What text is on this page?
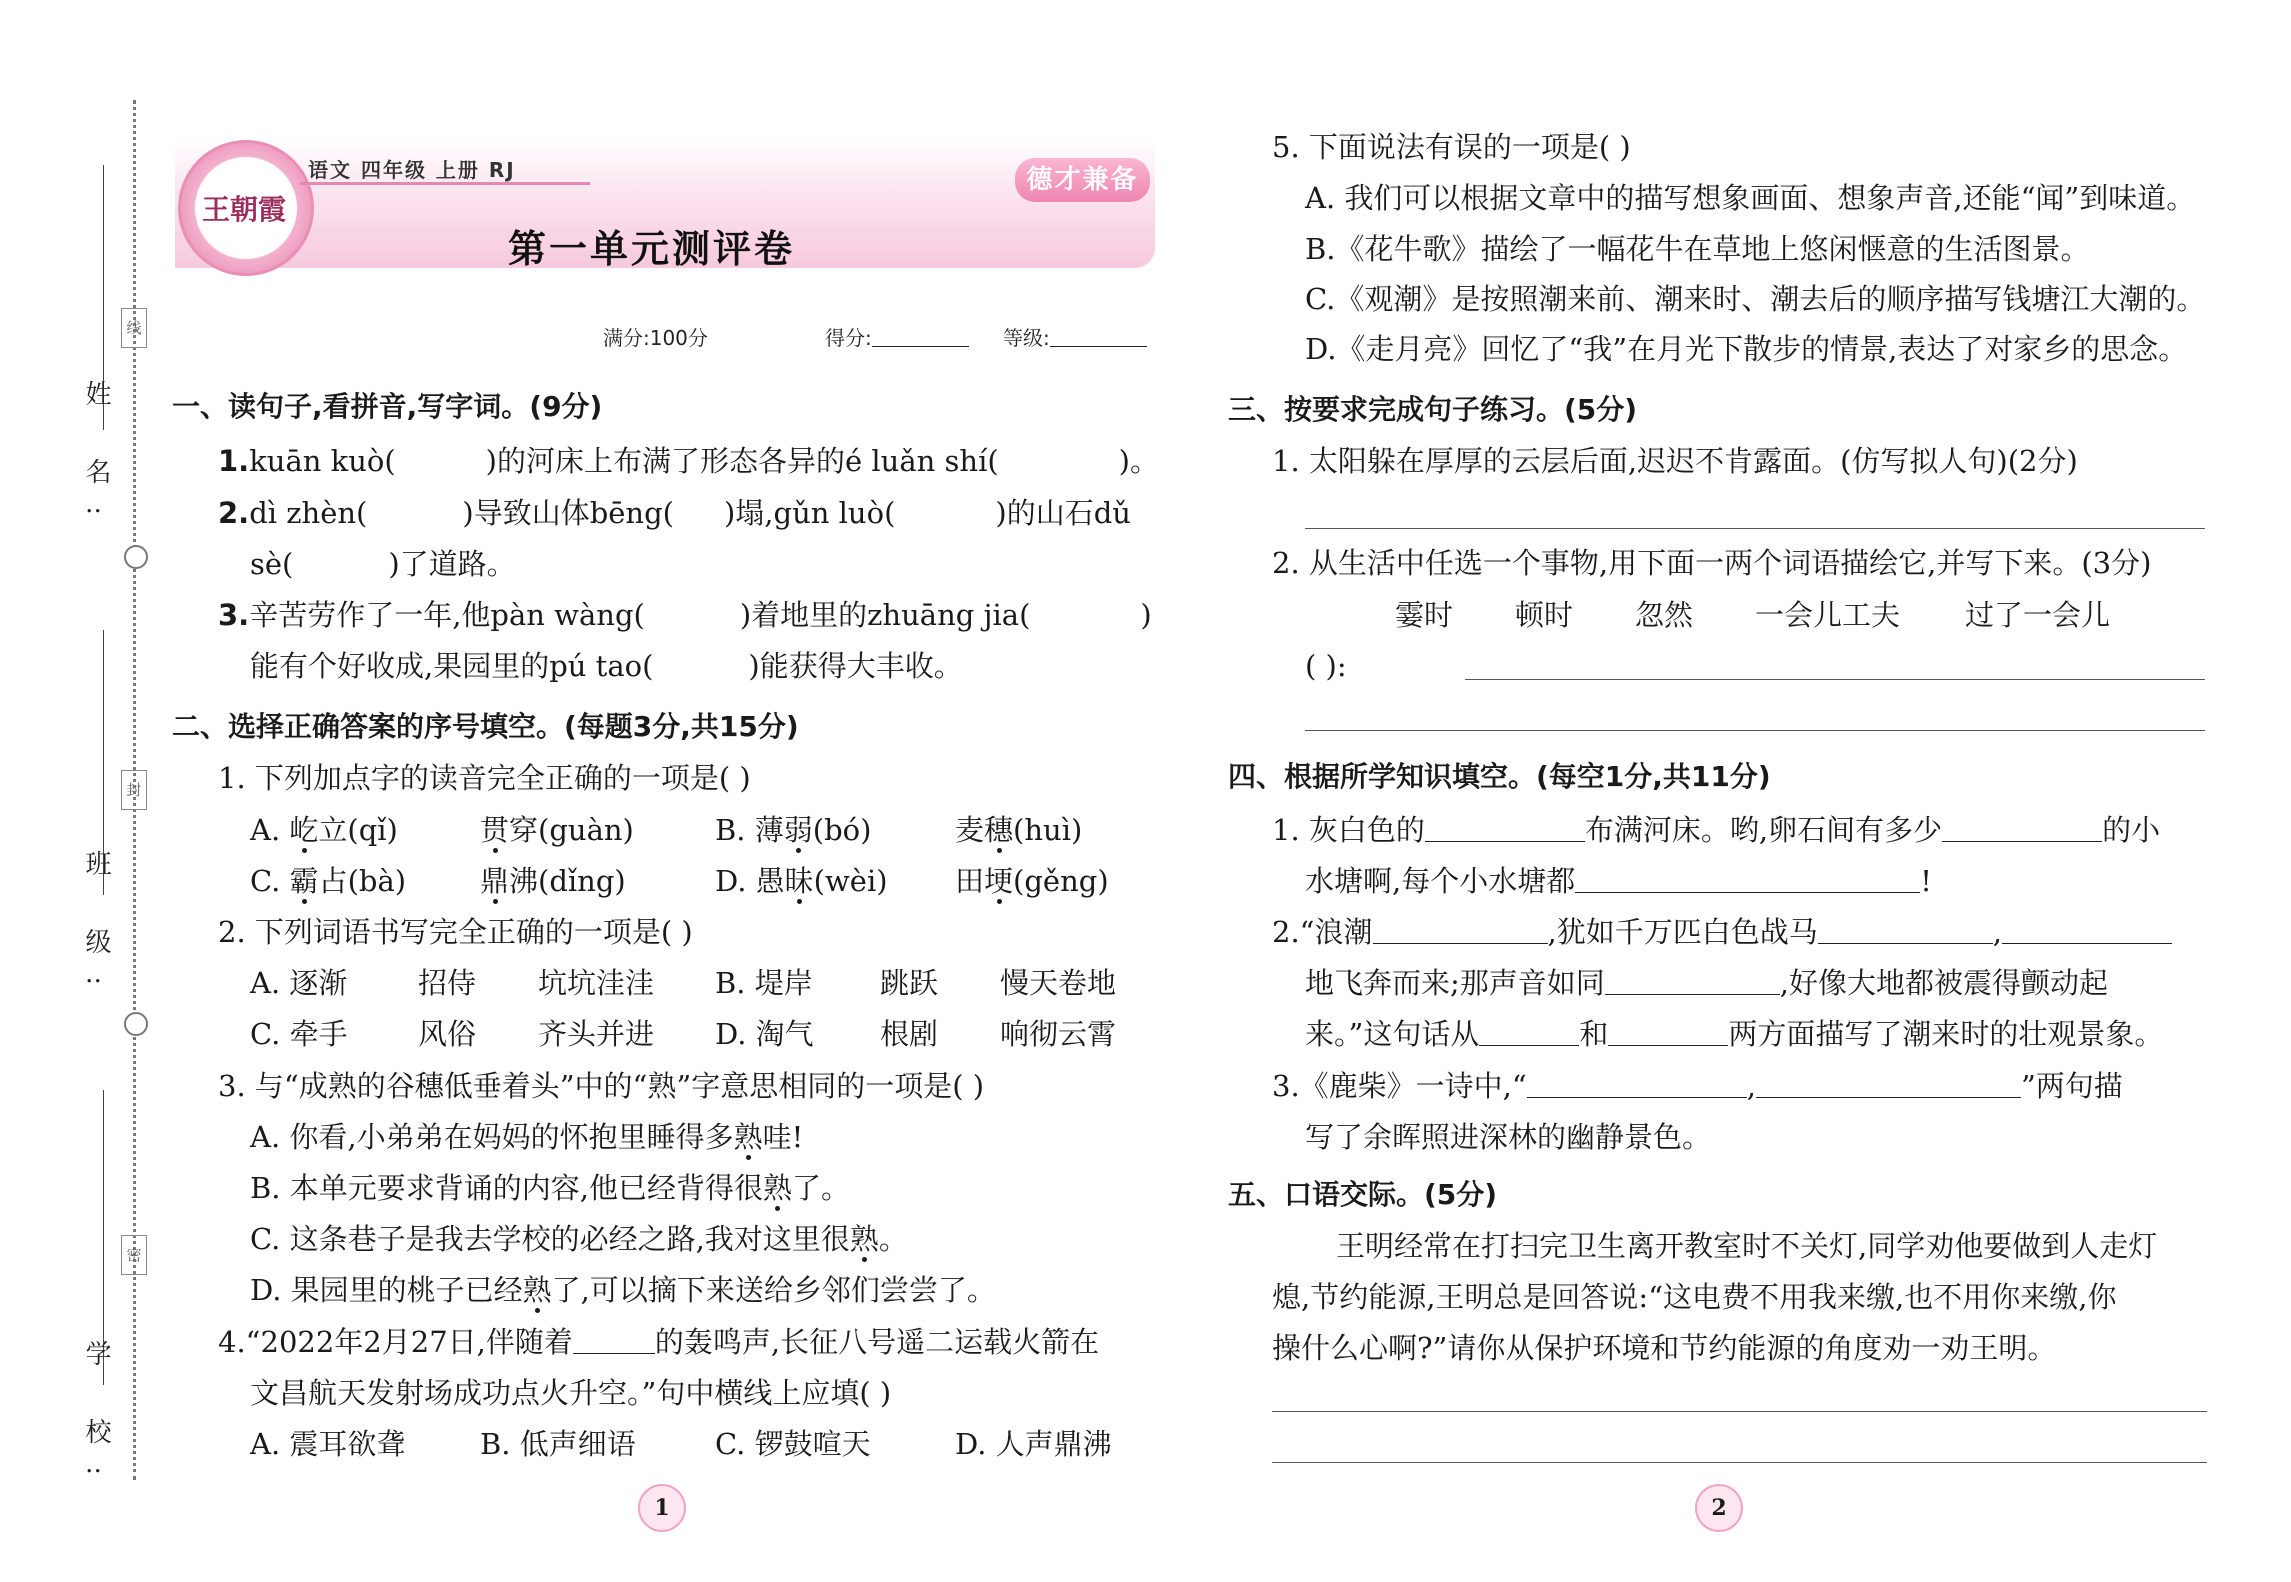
姓 名:
班 级:
学 校:
线
封
密
王朝霞
语文 四年级 上册 RJ
第一单元测评卷
德才兼备
满分:100分	得分:	等级:
一、读句子,看拼音,写字词。(9分)
1.kuān kuò(	)的河床上布满了形态各异的é luǎn shí(	)。
2.dì zhèn(	)导致山体bēng( )塌,gǔn luò(	)的山石dǔ
sè(	)了道路。
3.辛苦劳作了一年,他pàn wàng(	)着地里的zhuāng jia(	)
能有个好收成,果园里的pú tao(	)能获得大丰收。
二、选择正确答案的序号填空。(每题3分,共15分)
1. 下列加点字的读音完全正确的一项是( )
A. 屹立(qǐ)	贯穿(guàn)	B. 薄弱(bó)	麦穗(huì)
C. 霸占(bà)	鼎沸(dǐng)	D. 愚昧(wèi) 田埂(gěng)
2. 下列词语书写完全正确的一项是( )
A. 逐渐 招侍 坑坑洼洼 B. 堤岸 跳跃 慢天卷地
C. 牵手 风俗 齐头并进 D. 淘气 根剧 响彻云霄
3. 与“成熟的谷穗低垂着头”中的“熟”字意思相同的一项是( )
A. 你看,小弟弟在妈妈的怀抱里睡得多熟哇!
B. 本单元要求背诵的内容,他已经背得很熟了。
C. 这条巷子是我去学校的必经之路,我对这里很熟。
D. 果园里的桃子已经熟了,可以摘下来送给乡邻们尝尝了。
4.“2022年2月27日,伴随着	的轰鸣声,长征八号遥二运载火箭在
文昌航天发射场成功点火升空。”句中横线上应填( )
A. 震耳欲聋	B. 低声细语	C. 锣鼓喧天	D. 人声鼎沸
1
5. 下面说法有误的一项是( )
A. 我们可以根据文章中的描写想象画面、想象声音,还能“闻”到味道。
B.《花牛歌》描绘了一幅花牛在草地上悠闲惬意的生活图景。
C.《观潮》是按照潮来前、潮来时、潮去后的顺序描写钱塘江大潮的。
D.《走月亮》回忆了“我”在月光下散步的情景,表达了对家乡的思念。
三、按要求完成句子练习。(5分)
1. 太阳躲在厚厚的云层后面,迟迟不肯露面。(仿写拟人句)(2分)
2. 从生活中任选一个事物,用下面一两个词语描绘它,并写下来。(3分)
霎时 顿时 忽然 一会儿工夫 过了一会儿
( ):
四、根据所学知识填空。(每空1分,共11分)
1. 灰白色的	布满河床。哟,卵石间有多少	的小
水塘啊,每个小水塘都	!
2.“浪潮	,犹如千万匹白色战马	,
地飞奔而来;那声音如同	,好像大地都被震得颤动起
来。”这句话从	和	两方面描写了潮来时的壮观景象。
3.《鹿柴》一诗中,“	,	”两句描
写了余晖照进深林的幽静景色。
五、口语交际。(5分)
王明经常在打扫完卫生离开教室时不关灯,同学劝他要做到人走灯
熄,节约能源,王明总是回答说:“这电费不用我来缴,也不用你来缴,你
操什么心啊?”请你从保护环境和节约能源的角度劝一劝王明。
2
